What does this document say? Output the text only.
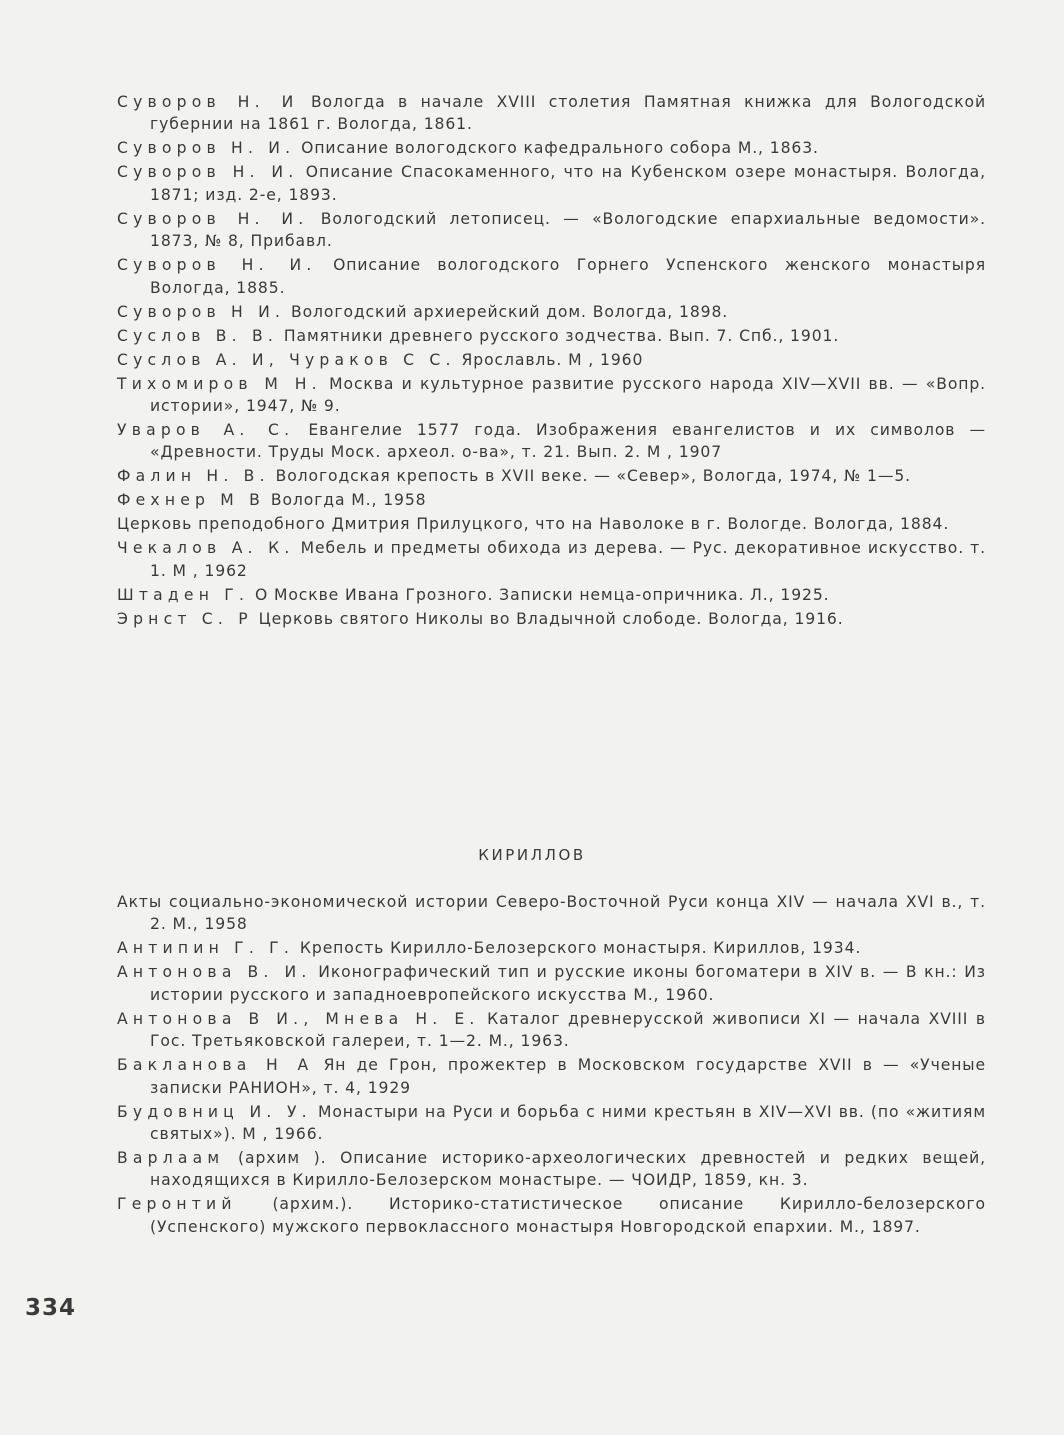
Суворов Н. И Вологда в начале XVIII столетия Памятная книжка для Вологодской губернии на 1861 г. Вологда, 1861.

Суворов Н. И. Описание вологодского кафедрального собора М., 1863.

Суворов Н. И. Описание Спасокаменного, что на Кубенском озере монастыря. Вологда, 1871; изд. 2-е, 1893.

Суворов Н. И. Вологодский летописец. — «Вологодские епархиальные ведомости». 1873, № 8, Прибавл.

Суворов Н. И. Описание вологодского Горнего Успенского женского монастыря Вологда, 1885.

Суворов Н И. Вологодский архиерейский дом. Вологда, 1898.

Суслов В. В. Памятники древнего русского зодчества. Вып. 7. Спб., 1901.

Суслов А. И, Чураков С С. Ярославль. М , 1960

Тихомиров М Н. Москва и культурное развитие русского народа XIV—XVII вв. — «Вопр. истории», 1947, № 9.

Уваров А. С. Евангелие 1577 года. Изображения евангелистов и их символов — «Древности. Труды Моск. археол. о-ва», т. 21. Вып. 2. М , 1907

Фалин Н. В. Вологодская крепость в XVII веке. — «Север», Вологда, 1974, № 1—5.

Фехнер М В Вологда М., 1958

Церковь преподобного Дмитрия Прилуцкого, что на Наволоке в г. Вологде. Вологда, 1884.

Чекалов А. К. Мебель и предметы обихода из дерева. — Рус. декоративное искусство. т. 1. М , 1962

Штаден Г. О Москве Ивана Грозного. Записки немца-опричника. Л., 1925.

Эрнст С. Р Церковь святого Николы во Владычной слободе. Вологда, 1916.

КИРИЛЛОВ

Акты социально-экономической истории Северо-Восточной Руси конца XIV — начала XVI в., т. 2. М., 1958

Антипин Г. Г. Крепость Кирилло-Белозерского монастыря. Кириллов, 1934.

Антонова В. И. Иконографический тип и русские иконы богоматери в XIV в. — В кн.: Из истории русского и западноевропейского искусства М., 1960.

Антонова В И., Мнева Н. Е. Каталог древнерусской живописи XI — начала XVIII в Гос. Третьяковской галереи, т. 1—2. М., 1963.

Бакланова Н А Ян де Грон, прожектер в Московском государстве XVII в — «Ученые записки РАНИОН», т. 4, 1929

Будовниц И. У. Монастыри на Руси и борьба с ними крестьян в XIV—XVI вв. (по «житиям святых»). М , 1966.

Варлаам (архим ). Описание историко-археологических древностей и редких вещей, находящихся в Кирилло-Белозерском монастыре. — ЧОИДР, 1859, кн. 3.

Геронтий (архим.). Историко-статистическое описание Кирилло-белозерского (Успенского) мужского первоклассного монастыря Новгородской епархии. М., 1897.

334
